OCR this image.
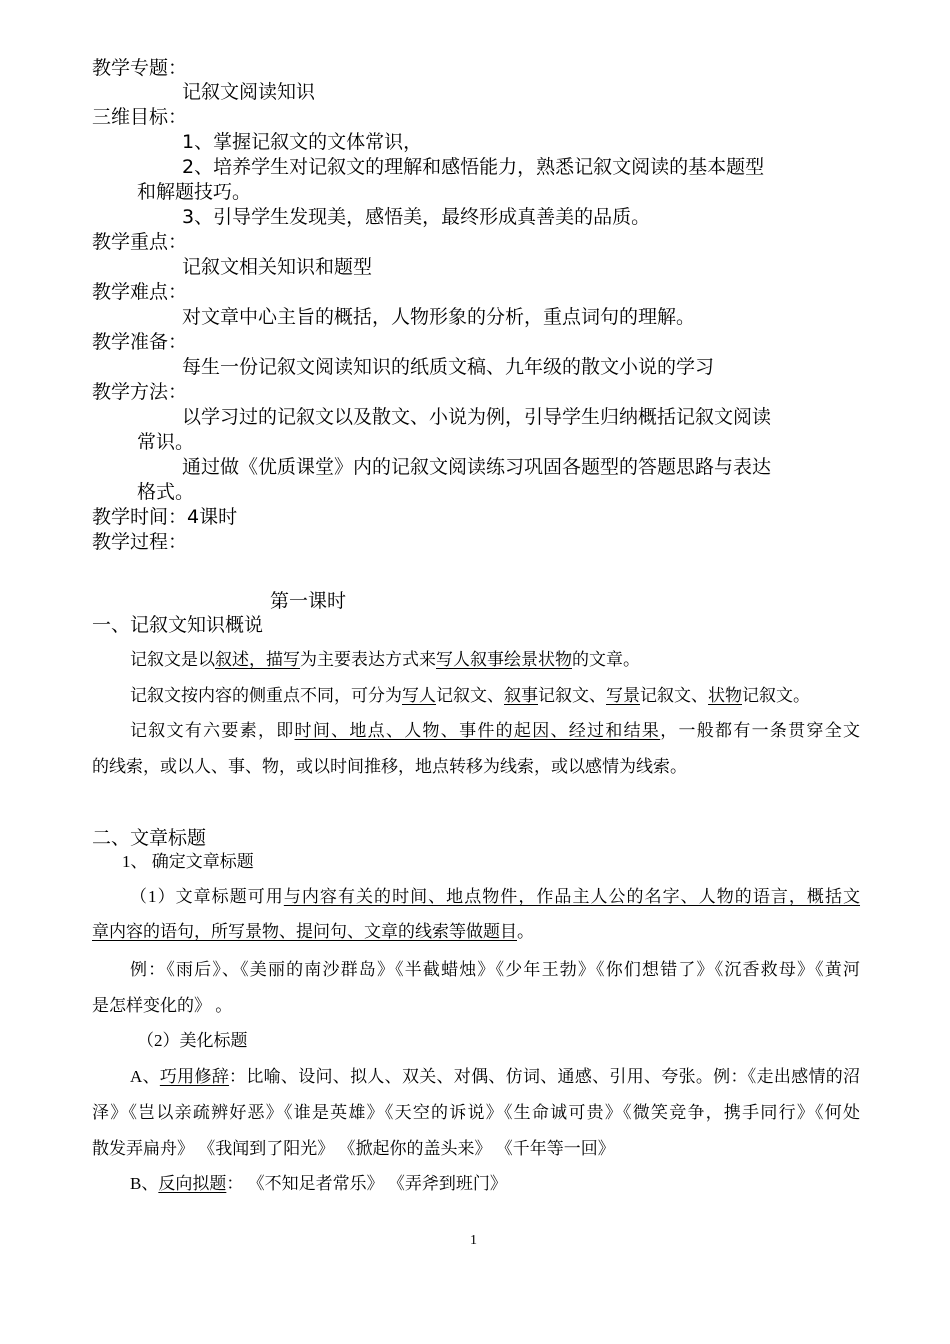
教学专题：
记叙文阅读知识
三维目标：
1、掌握记叙文的文体常识，
2、培养学生对记叙文的理解和感悟能力，熟悉记叙文阅读的基本题型
和解题技巧。
3、引导学生发现美，感悟美，最终形成真善美的品质。
教学重点：
记叙文相关知识和题型
教学难点：
对文章中心主旨的概括，人物形象的分析，重点词句的理解。
教学准备：
每生一份记叙文阅读知识的纸质文稿、九年级的散文小说的学习
教学方法：
以学习过的记叙文以及散文、小说为例，引导学生归纳概括记叙文阅读
常识。
通过做《优质课堂》内的记叙文阅读练习巩固各题型的答题思路与表达
格式。
教学时间：4课时
教学过程：
第一课时
一、记叙文知识概说
记叙文是以叙述，描写为主要表达方式来写人叙事绘景状物的文章。
记叙文按内容的侧重点不同，可分为写人记叙文、叙事记叙文、写景记叙文、状物记叙文。
记叙文有六要素，即时间、地点、人物、事件的起因、经过和结果，一般都有一条贯穿全文
的线索，或以人、事、物，或以时间推移，地点转移为线索，或以感情为线索。
二、文章标题
1、 确定文章标题
（1）文章标题可用与内容有关的时间、地点物件，作品主人公的名字、人物的语言，概括文
章内容的语句，所写景物、提问句、文章的线索等做题目。
例：《雨后》、《美丽的南沙群岛》《半截蜡烛》《少年王勃》《你们想错了》《沉香救母》《黄河
是怎样变化的》 。
（2）美化标题
A、巧用修辞：比喻、设问、拟人、双关、对偶、仿词、通感、引用、夸张。例：《走出感情的沼
泽》《岂以亲疏辨好恶》《谁是英雄》《天空的诉说》《生命诚可贵》《微笑竞争，携手同行》《何处
散发弄扁舟》 《我闻到了阳光》 《掀起你的盖头来》 《千年等一回》
B、反向拟题： 《不知足者常乐》 《弄斧到班门》
1
